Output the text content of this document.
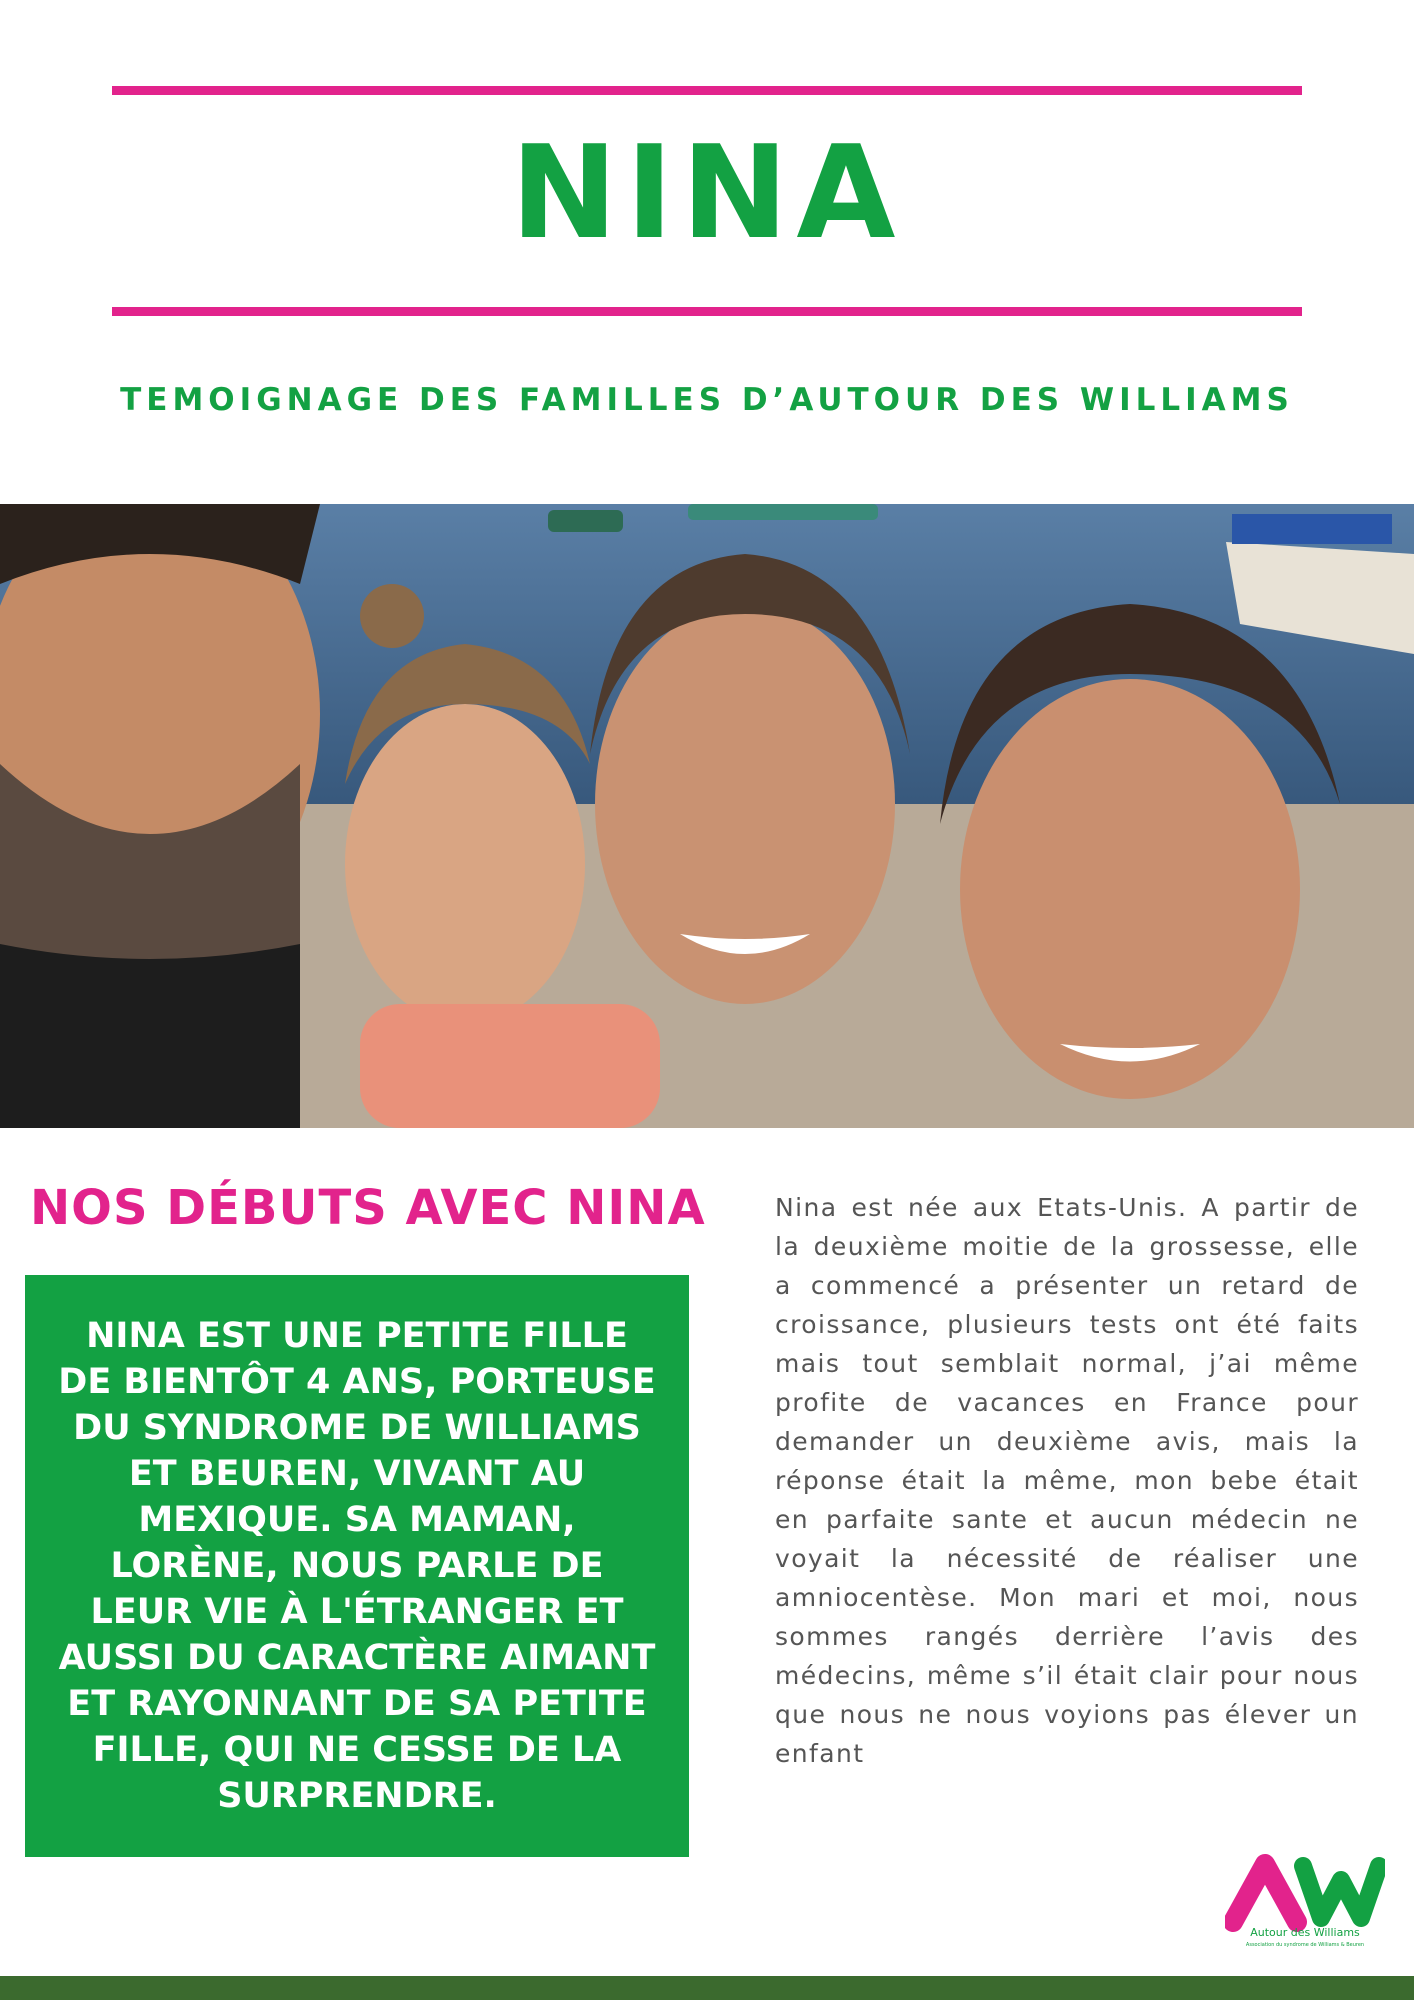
NINA
TEMOIGNAGE DES FAMILLES D’AUTOUR DES WILLIAMS
NOS DÉBUTS AVEC NINA

NINA EST UNE PETITE FILLE DE BIENTÔT 4 ANS, PORTEUSE DU SYNDROME DE WILLIAMS ET BEUREN, VIVANT AU MEXIQUE. SA MAMAN, LORÈNE, NOUS PARLE DE LEUR VIE À L'ÉTRANGER ET AUSSI DU CARACTÈRE AIMANT ET RAYONNANT DE SA PETITE FILLE, QUI NE CESSE DE LA SURPRENDRE.

Nina est née aux Etats-Unis. A partir de la deuxième moitie de la grossesse, elle a commencé a présenter un retard de croissance, plusieurs tests ont été faits mais tout semblait normal, j’ai même profite de vacances en France pour demander un deuxième avis, mais la réponse était la même, mon bebe était en parfaite sante et aucun médecin ne voyait la nécessité de réaliser une amniocentèse. Mon mari et moi, nous sommes rangés derrière l’avis des médecins, même s’il était clair pour nous que nous ne nous voyions pas élever un enfant

Autour des Williams
Association du syndrome de Williams & Beuren
